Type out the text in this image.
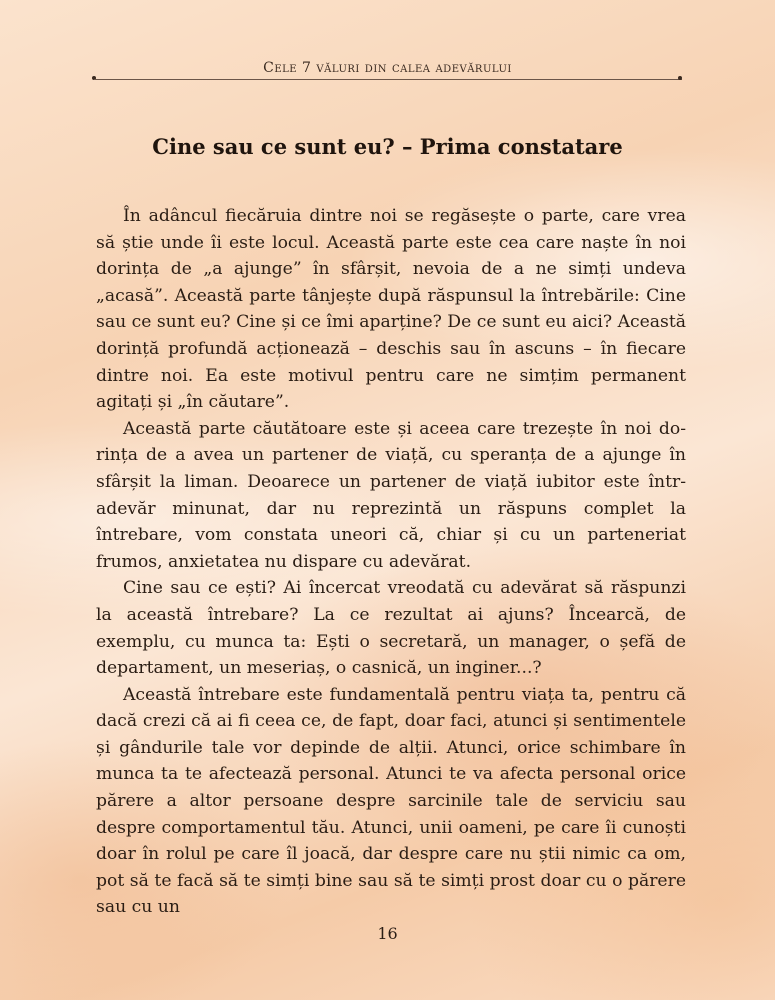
Cele 7 văluri din calea adevărului
Cine sau ce sunt eu? – Prima constatare

În adâncul fiecăruia dintre noi se regăsește o parte, care vrea să știe unde îi este locul. Această parte este cea care naște în noi dorința de „a ajunge” în sfârșit, nevoia de a ne simți undeva „acasă”. Această parte tânjește după răspunsul la întrebările: Cine sau ce sunt eu? Cine și ce îmi aparține? De ce sunt eu aici? Această dorință profundă acționează – deschis sau în ascuns – în fiecare dintre noi. Ea este motivul pentru care ne simțim permanent agitați și „în căutare”.

Această parte căutătoare este și aceea care trezește în noi dorința de a avea un partener de viață, cu speranța de a ajunge în sfârșit la liman. Deoarece un partener de viață iubitor este într-adevăr minunat, dar nu reprezintă un răspuns complet la întrebare, vom constata uneori că, chiar și cu un parteneriat frumos, anxietatea nu dispare cu adevărat.

Cine sau ce ești? Ai încercat vreodată cu adevărat să răspunzi la această întrebare? La ce rezultat ai ajuns? Încearcă, de exemplu, cu munca ta: Ești o secretară, un manager, o șefă de departament, un meseriaș, o casnică, un inginer...?

Această întrebare este fundamentală pentru viața ta, pentru că dacă crezi că ai fi ceea ce, de fapt, doar faci, atunci și sentimentele și gândurile tale vor depinde de alții. Atunci, orice schimbare în munca ta te afectează personal. Atunci te va afecta personal orice părere a altor persoane despre sarcinile tale de serviciu sau despre comportamentul tău. Atunci, unii oameni, pe care îi cunoști doar în rolul pe care îl joacă, dar despre care nu știi nimic ca om, pot să te facă să te simți bine sau să te simți prost doar cu o părere sau cu un

16
